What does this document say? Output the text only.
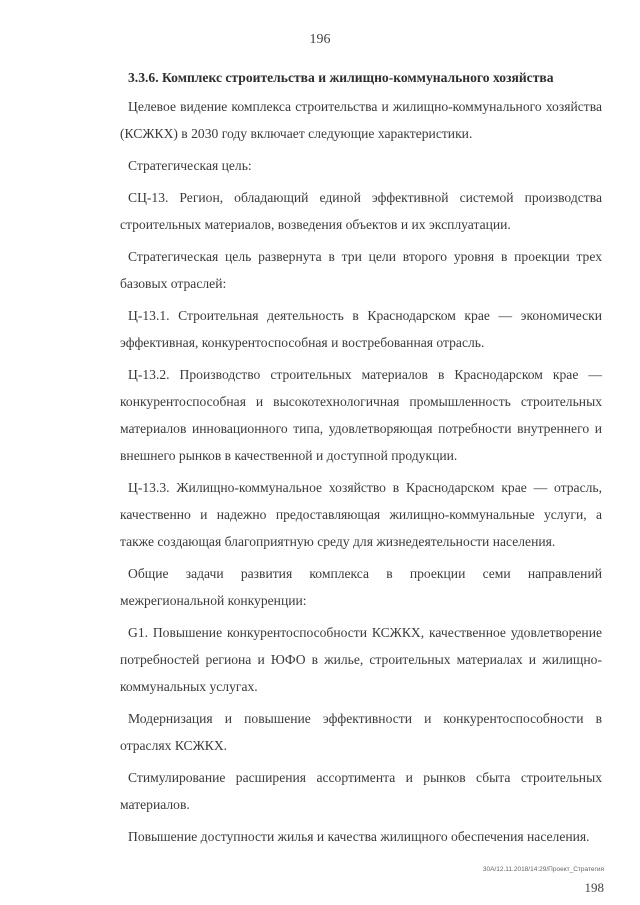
196

3.3.6. Комплекс строительства и жилищно-коммунального хозяйства

Целевое видение комплекса строительства и жилищно-коммунального хозяйства (КСЖКХ) в 2030 году включает следующие характеристики.

Стратегическая цель:

СЦ-13. Регион, обладающий единой эффективной системой производства строительных материалов, возведения объектов и их эксплуатации.

Стратегическая цель развернута в три цели второго уровня в проекции трех базовых отраслей:

Ц-13.1. Строительная деятельность в Краснодарском крае — экономически эффективная, конкурентоспособная и востребованная отрасль.

Ц-13.2. Производство строительных материалов в Краснодарском крае — конкурентоспособная и высокотехнологичная промышленность строительных материалов инновационного типа, удовлетворяющая потребности внутреннего и внешнего рынков в качественной и доступной продукции.

Ц-13.3. Жилищно-коммунальное хозяйство в Краснодарском крае — отрасль, качественно и надежно предоставляющая жилищно-коммунальные услуги, а также создающая благоприятную среду для жизнедеятельности населения.

Общие задачи развития комплекса в проекции семи направлений межрегиональной конкуренции:

G1. Повышение конкурентоспособности КСЖКХ, качественное удовлетворение потребностей региона и ЮФО в жилье, строительных материалах и жилищно-коммунальных услугах.

Модернизация и повышение эффективности и конкурентоспособности в отраслях КСЖКХ.

Стимулирование расширения ассортимента и рынков сбыта строительных материалов.

Повышение доступности жилья и качества жилищного обеспечения населения.

30А/12.11.2018/14:29/Проект_Стратегия
198
